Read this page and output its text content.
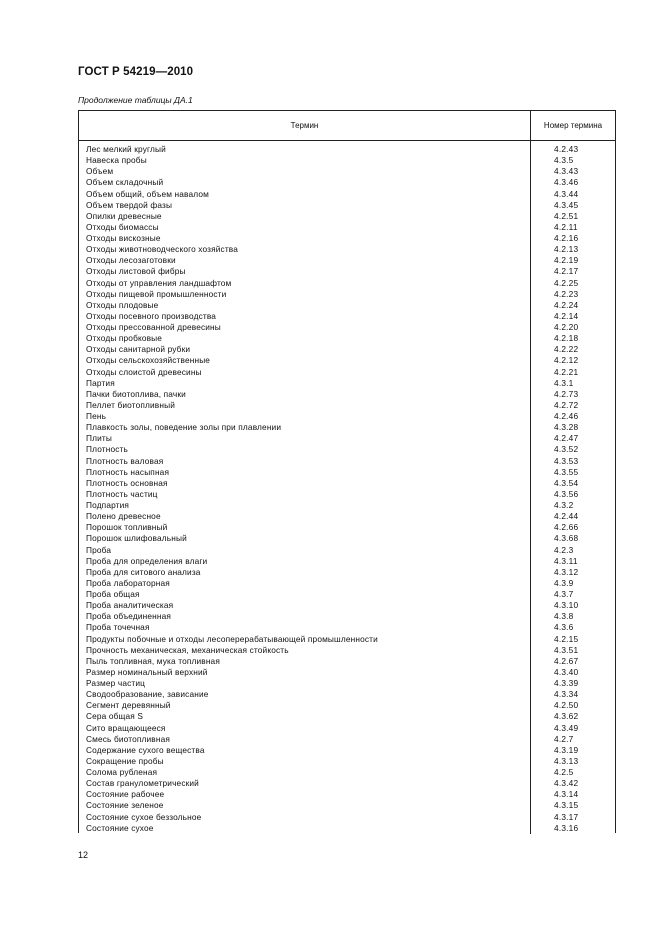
ГОСТ Р 54219—2010
Продолжение таблицы ДА.1
Термин	Номер термина
Лес мелкий круглый	4.2.43
Навеска пробы	4.3.5
Объем	4.3.43
Объем складочный	4.3.46
Объем общий, объем навалом	4.3.44
Объем твердой фазы	4.3.45
Опилки древесные	4.2.51
Отходы биомассы	4.2.11
Отходы вискозные	4.2.16
Отходы животноводческого хозяйства	4.2.13
Отходы лесозаготовки	4.2.19
Отходы листовой фибры	4.2.17
Отходы от управления ландшафтом	4.2.25
Отходы пищевой промышленности	4.2.23
Отходы плодовые	4.2.24
Отходы посевного производства	4.2.14
Отходы прессованной древесины	4.2.20
Отходы пробковые	4.2.18
Отходы санитарной рубки	4.2.22
Отходы сельскохозяйственные	4.2.12
Отходы слоистой древесины	4.2.21
Партия	4.3.1
Пачки биотоплива, пачки	4.2.73
Пеллет биотопливный	4.2.72
Пень	4.2.46
Плавкость золы, поведение золы при плавлении	4.3.28
Плиты	4.2.47
Плотность	4.3.52
Плотность валовая	4.3.53
Плотность насыпная	4.3.55
Плотность основная	4.3.54
Плотность частиц	4.3.56
Подпартия	4.3.2
Полено древесное	4.2.44
Порошок топливный	4.2.66
Порошок шлифовальный	4.3.68
Проба	4.2.3
Проба для определения влаги	4.3.11
Проба для ситового анализа	4.3.12
Проба лабораторная	4.3.9
Проба общая	4.3.7
Проба аналитическая	4.3.10
Проба объединенная	4.3.8
Проба точечная	4.3.6
Продукты побочные и отходы лесоперерабатывающей промышленности	4.2.15
Прочность механическая, механическая стойкость	4.3.51
Пыль топливная, мука топливная	4.2.67
Размер номинальный верхний	4.3.40
Размер частиц	4.3.39
Сводообразование, зависание	4.3.34
Сегмент деревянный	4.2.50
Сера общая S	4.3.62
Сито вращающееся	4.3.49
Смесь биотопливная	4.2.7
Содержание сухого вещества	4.3.19
Сокращение пробы	4.3.13
Солома рубленая	4.2.5
Состав гранулометрический	4.3.42
Состояние рабочее	4.3.14
Состояние зеленое	4.3.15
Состояние сухое беззольное	4.3.17
Состояние сухое	4.3.16
12
